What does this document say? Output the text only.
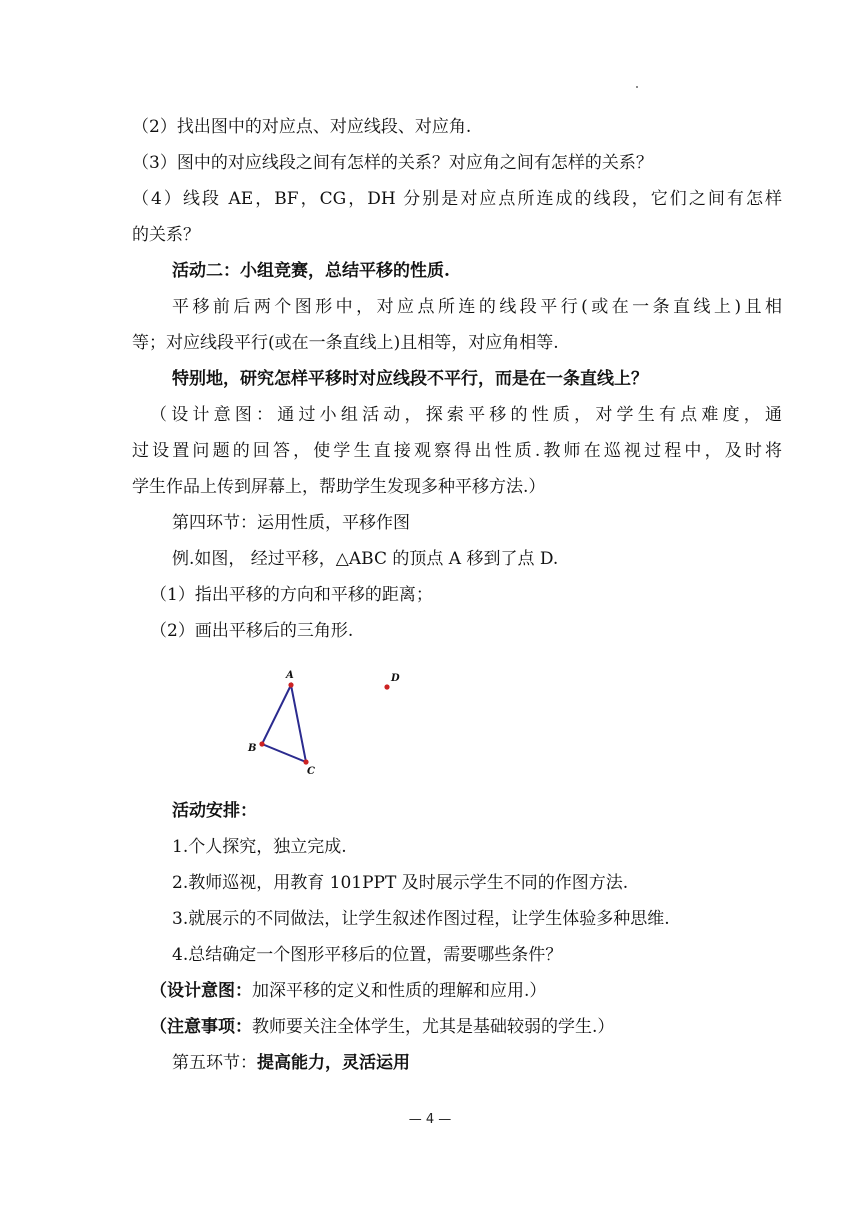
（2）找出图中的对应点、对应线段、对应角.
（3）图中的对应线段之间有怎样的关系？对应角之间有怎样的关系？
（4）线段 AE，BF，CG，DH 分别是对应点所连成的线段，它们之间有怎样
的关系？
活动二：小组竞赛，总结平移的性质.
平移前后两个图形中，对应点所连的线段平行(或在一条直线上)且相
等；对应线段平行(或在一条直线上)且相等，对应角相等.
特别地，研究怎样平移时对应线段不平行，而是在一条直线上？
（设计意图：通过小组活动，探索平移的性质，对学生有点难度，通
过设置问题的回答，使学生直接观察得出性质.教师在巡视过程中，及时将
学生作品上传到屏幕上，帮助学生发现多种平移方法.）
第四环节：运用性质，平移作图
例.如图， 经过平移，△ABC 的顶点 A 移到了点 D.
（1）指出平移的方向和平移的距离；
（2）画出平移后的三角形.
A
B
C
D
活动安排：
1.个人探究，独立完成.
2.教师巡视，用教育 101PPT 及时展示学生不同的作图方法.
3.就展示的不同做法，让学生叙述作图过程，让学生体验多种思维.
4.总结确定一个图形平移后的位置，需要哪些条件？
（设计意图：加深平移的定义和性质的理解和应用.）
（注意事项：教师要关注全体学生，尤其是基础较弱的学生.）
第五环节：提高能力，灵活运用
— 4 —
